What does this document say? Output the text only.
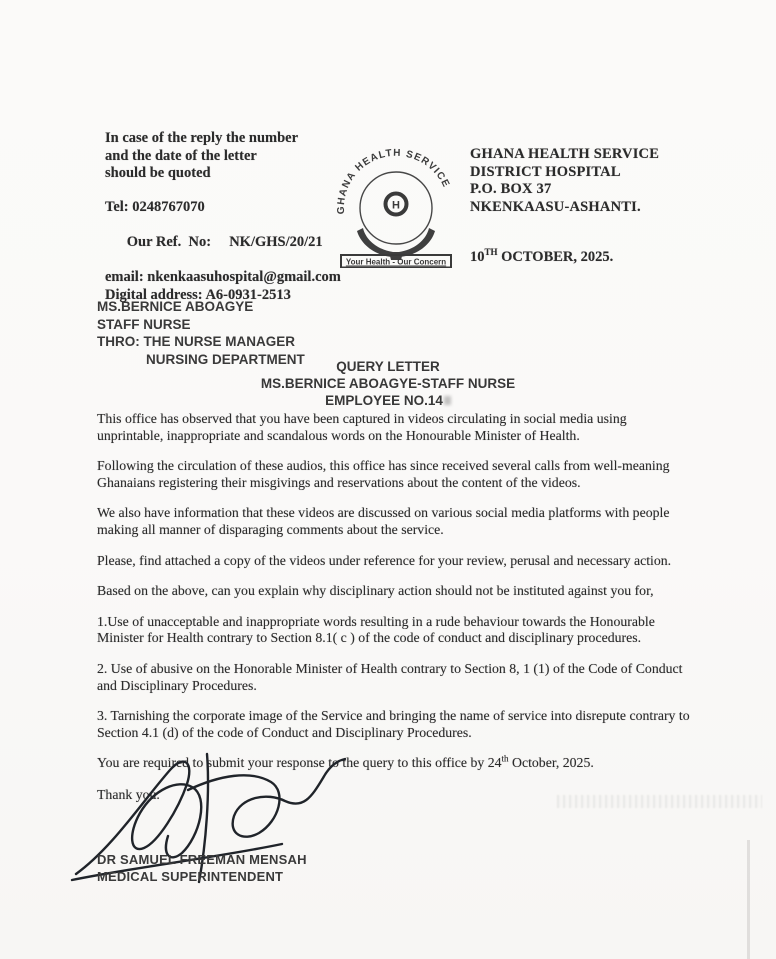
In case of the reply the number
and the date of the letter
should be quoted
Tel: 0248767070

Our Ref.  No: NK/GHS/20/21

email: nkenkaasuhospital@gmail.com
Digital address: A6-0931-2513
GHANA HEALTH SERVICE
H
Your Health - Our Concern
GHANA HEALTH SERVICE
DISTRICT HOSPITAL
P.O. BOX 37
NKENKAASU-ASHANTI.
10TH OCTOBER, 2025.
MS.BERNICE ABOAGYE
STAFF NURSE
THRO: THE NURSE MANAGER
NURSING DEPARTMENT	QUERY LETTER
MS.BERNICE ABOAGYE-STAFF NURSE
EMPLOYEE NO.14

This office has observed that you have been captured in videos circulating in social media using unprintable, inappropriate and scandalous words on the Honourable Minister of Health.

Following the circulation of these audios, this office has since received several calls from well-meaning Ghanaians registering their misgivings and reservations about the content of the videos.

We also have information that these videos are discussed on various social media platforms with people making all manner of disparaging comments about the service.

Please, find attached a copy of the videos under reference for your review, perusal and necessary action.

Based on the above, can you explain why disciplinary action should not be instituted against you for,

1.Use of unacceptable and inappropriate words resulting in a rude behaviour towards the Honourable Minister for Health contrary to Section 8.1( c ) of the code of conduct and disciplinary procedures.

2. Use of abusive on the Honorable Minister of Health contrary to Section 8, 1 (1) of the Code of Conduct and Disciplinary Procedures.

3. Tarnishing the corporate image of the Service and bringing the name of service into disrepute contrary to Section 4.1 (d) of the code of Conduct and Disciplinary Procedures.

You are required to submit your response to the query to this office by 24th October, 2025.

Thank you.
DR SAMUEL FREEMAN MENSAH
MEDICAL SUPERINTENDENT
